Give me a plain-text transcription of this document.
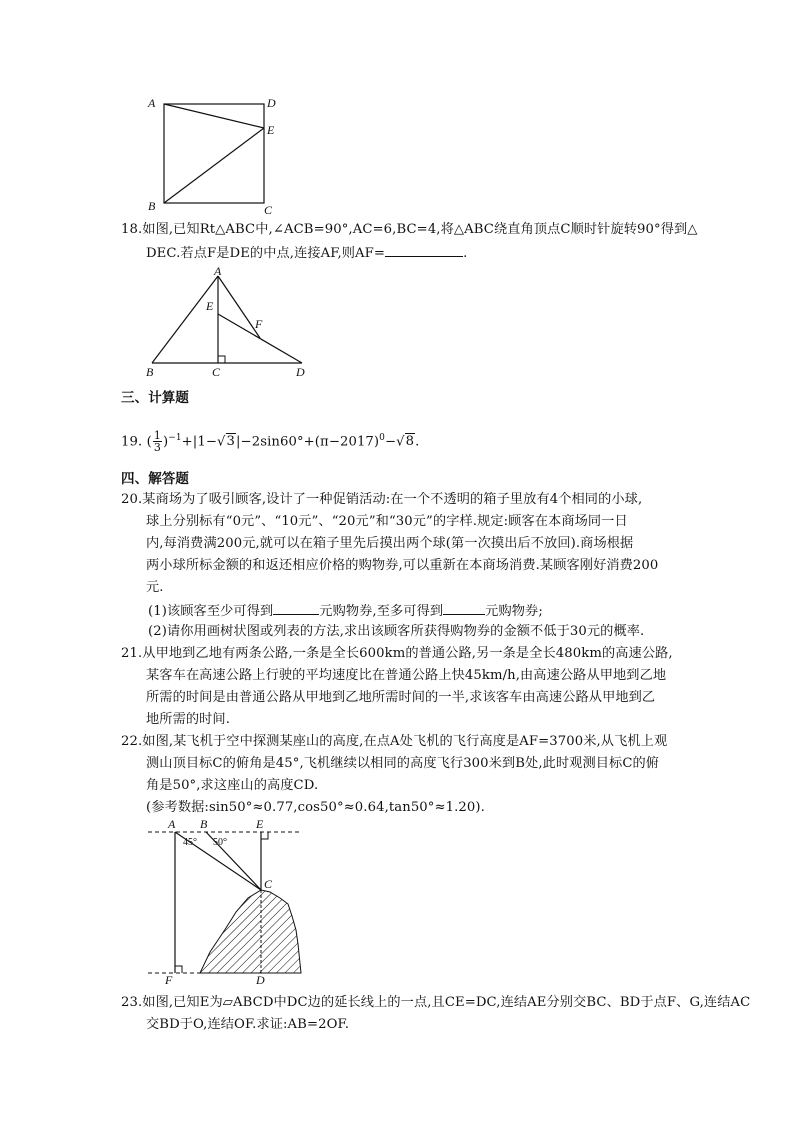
A	D
E
B	C
18.如图,已知Rt△ABC中,∠ACB=90°,AC=6,BC=4,将△ABC绕直角顶点C顺时针旋转90°得到△
DEC.若点F是DE的中点,连接AF,则AF=	.
A
E
F
B	C	D
三、计算题
19. ( $\frac{1}{3} )^{-1}+|1-√3|-2\sin 60^\circ+(\pi-2017)^0-√8$.
四、解答题
20.某商场为了吸引顾客,设计了一种促销活动:在一个不透明的箱子里放有4个相同的小球,
球上分别标有“0元”、“10元”、“20元”和“30元”的字样.规定:顾客在本商场同一日
内,每消费满200元,就可以在箱子里先后摸出两个球(第一次摸出后不放回).商场根据
两小球所标金额的和返还相应价格的购物券,可以重新在本商场消费.某顾客刚好消费200
元.
(1)该顾客至少可得到	元购物券,至多可得到	元购物券;
(2)请你用画树状图或列表的方法,求出该顾客所获得购物券的金额不低于30元的概率.
21.从甲地到乙地有两条公路,一条是全长600km的普通公路,另一条是全长480km的高速公路,
某客车在高速公路上行驶的平均速度比在普通公路上快45km/h,由高速公路从甲地到乙地
所需的时间是由普通公路从甲地到乙地所需时间的一半,求该客车由高速公路从甲地到乙
地所需的时间.
22.如图,某飞机于空中探测某座山的高度,在点A处飞机的飞行高度是AF=3700米,从飞机上观
测山顶目标C的俯角是45°,飞机继续以相同的高度飞行300米到B处,此时观测目标C的俯
角是50°,求这座山的高度CD.
(参考数据:sin50°≈0.77,cos50°≈0.64,tan50°≈1.20).
A B	E
45° 50°
C
F	D
23.如图,已知E为▱ABCD中DC边的延长线上的一点,且CE=DC,连结AE分别交BC、BD于点F、G,连结AC
交BD于O,连结OF.求证:AB=2OF.
